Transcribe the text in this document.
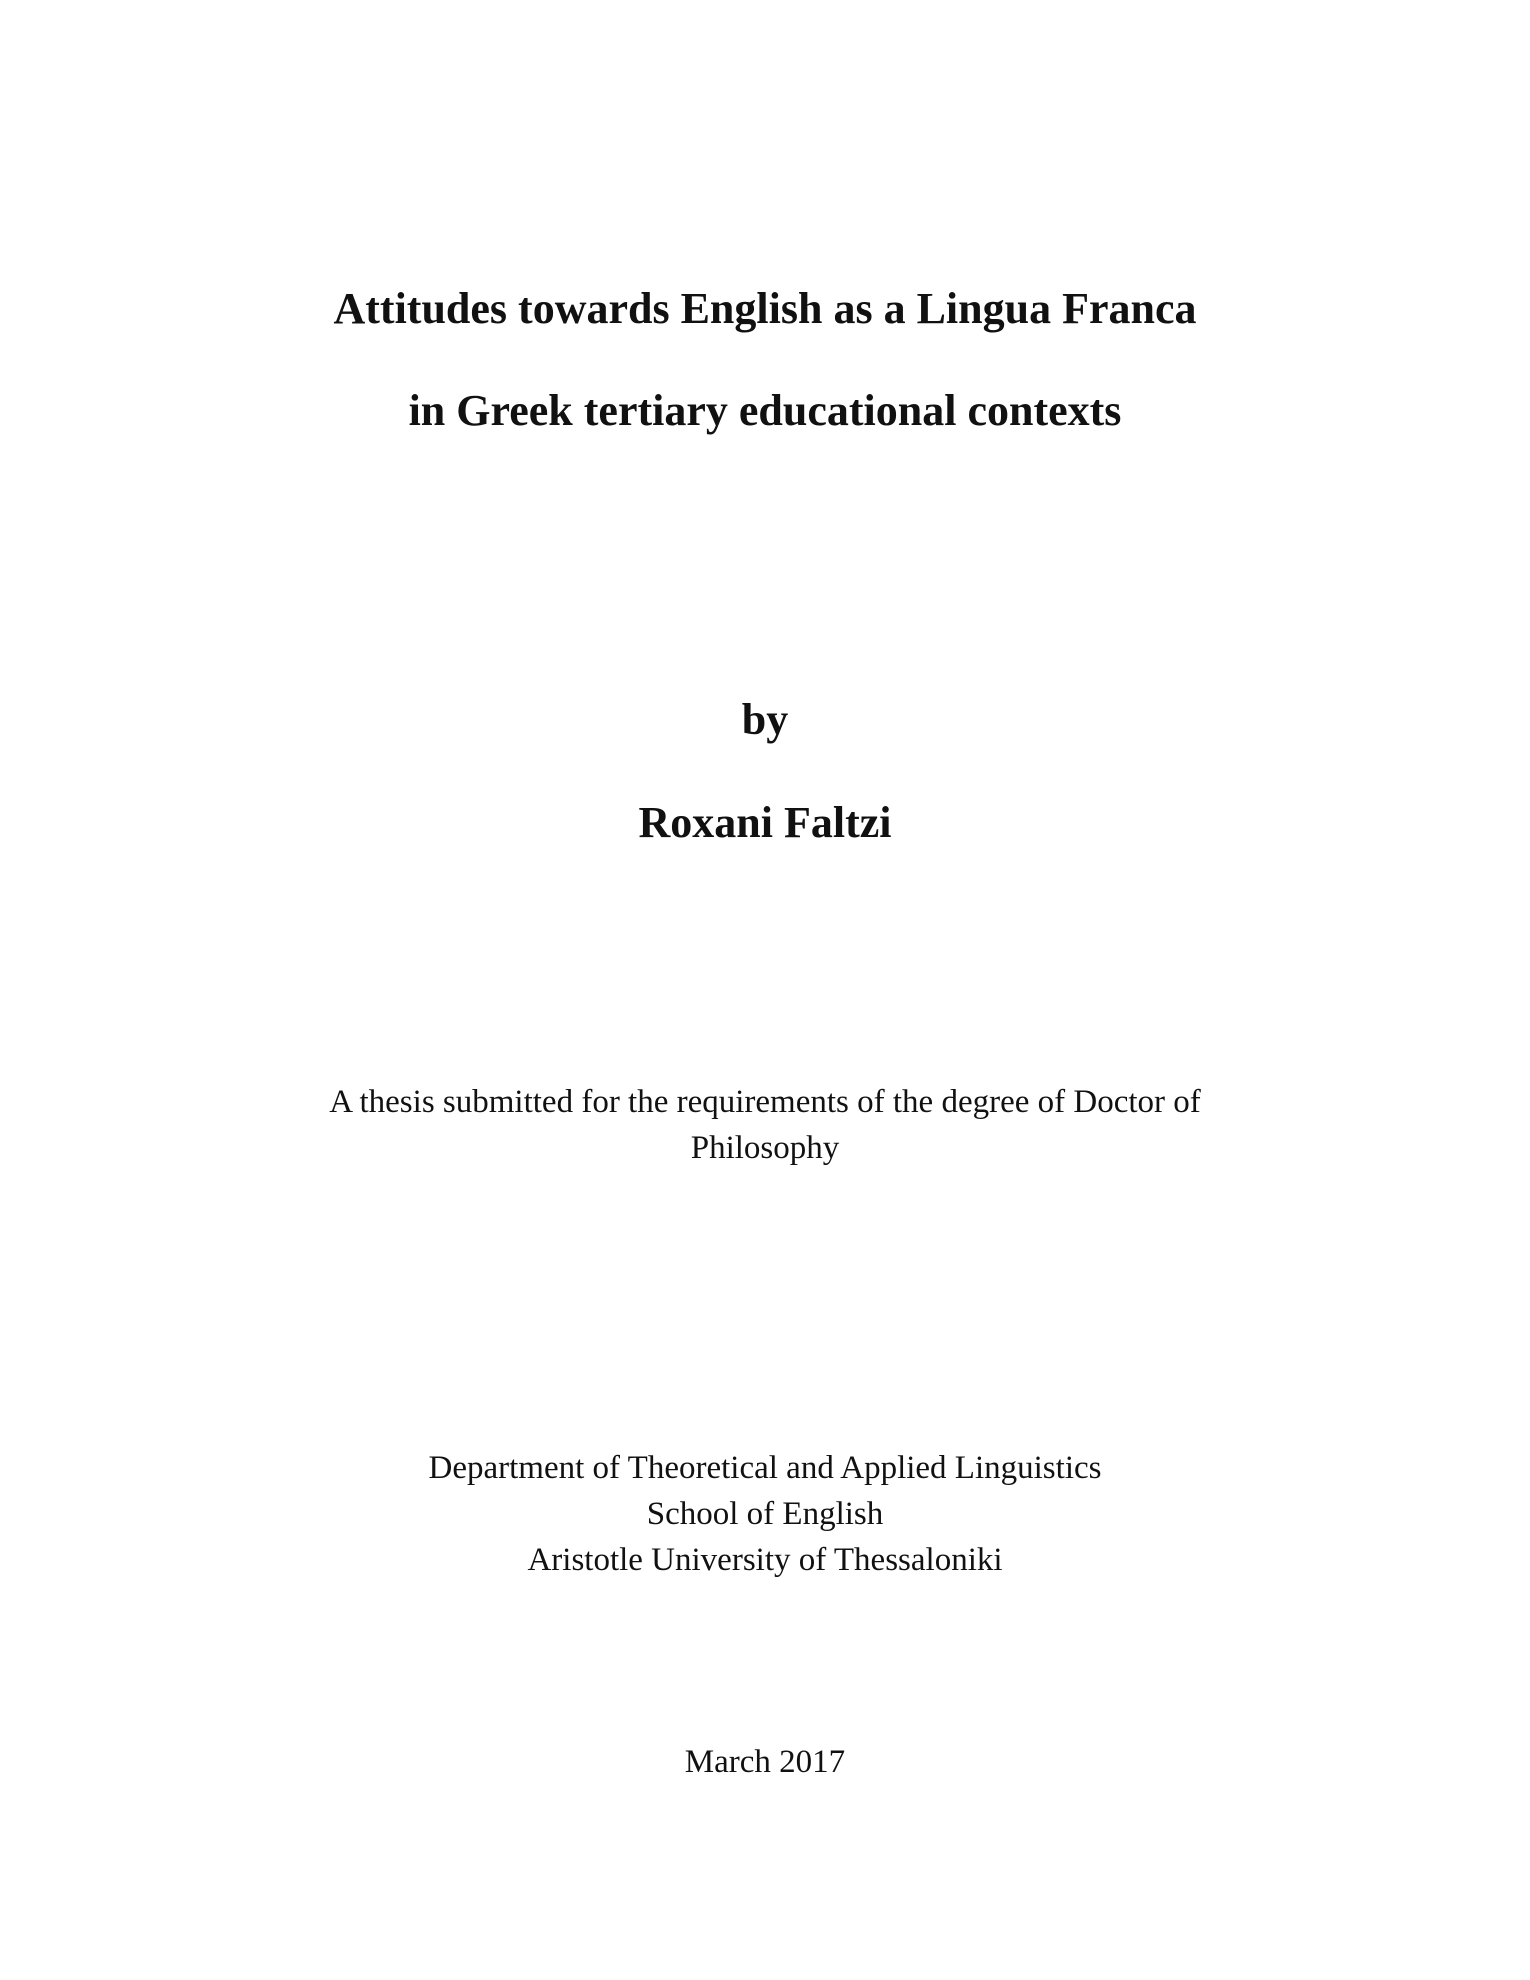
Attitudes towards English as a Lingua Franca
in Greek tertiary educational contexts
by
Roxani Faltzi
A thesis submitted for the requirements of the degree of Doctor of
Philosophy
Department of Theoretical and Applied Linguistics
School of English
Aristotle University of Thessaloniki
March 2017
